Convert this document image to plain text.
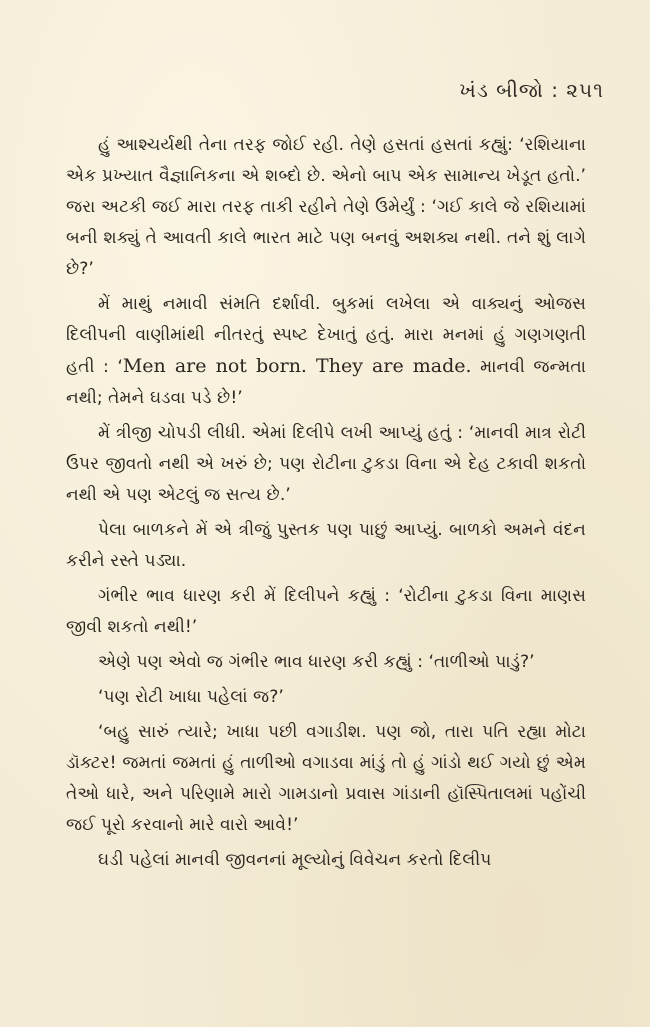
ખંડ બીજો : ૨૫૧

હું આશ્ચર્યથી તેના તરફ જોઈ રહી. તેણે હસતાં હસતાં કહ્યું: ‘રશિયાના એક પ્રખ્યાત વૈજ્ઞાનિકના એ શબ્દો છે. એનો બાપ એક સામાન્ય ખેડૂત હતો.’ જરા અટકી જઈ મારા તરફ તાકી રહીને તેણે ઉમેર્યું : ‘ગઈ કાલે જે રશિયામાં બની શક્યું તે આવતી કાલે ભારત માટે પણ બનવું અશક્ય નથી. તને શું લાગે છે?’

મેં માથું નમાવી સંમતિ દર્શાવી. બુકમાં લખેલા એ વાક્યનું ઓજસ દિલીપની વાણીમાંથી નીતરતું સ્પષ્ટ દેખાતું હતું. મારા મનમાં હું ગણગણતી હતી : ‘Men are not born. They are made. માનવી જન્મતા નથી; તેમને ઘડવા પડે છે!’

મેં ત્રીજી ચોપડી લીધી. એમાં દિલીપે લખી આપ્યું હતું : ‘માનવી માત્ર રોટી ઉપર જીવતો નથી એ ખરું છે; પણ રોટીના ટુકડા વિના એ દેહ ટકાવી શકતો નથી એ પણ એટલું જ સત્ય છે.’

પેલા બાળકને મેં એ ત્રીજું પુસ્તક પણ પાછું આપ્યું. બાળકો અમને વંદન કરીને રસ્તે પડ્યા.

ગંભીર ભાવ ધારણ કરી મેં દિલીપને કહ્યું : ‘રોટીના ટુકડા વિના માણસ જીવી શકતો નથી!’

એણે પણ એવો જ ગંભીર ભાવ ધારણ કરી કહ્યું : ‘તાળીઓ પાડું?’

‘પણ રોટી ખાધા પહેલાં જ?’

‘બહુ સારું ત્યારે; ખાધા પછી વગાડીશ. પણ જો, તારા પતિ રહ્યા મોટા ડૉક્ટર! જમતાં જમતાં હું તાળીઓ વગાડવા માંડું તો હું ગાંડો થઈ ગયો છું એમ તેઓ ધારે, અને પરિણામે મારો ગામડાનો પ્રવાસ ગાંડાની હૉસ્પિતાલમાં પહોંચી જઈ પૂરો કરવાનો મારે વારો આવે!’

ઘડી પહેલાં માનવી જીવનનાં મૂલ્યોનું વિવેચન કરતો દિલીપ
